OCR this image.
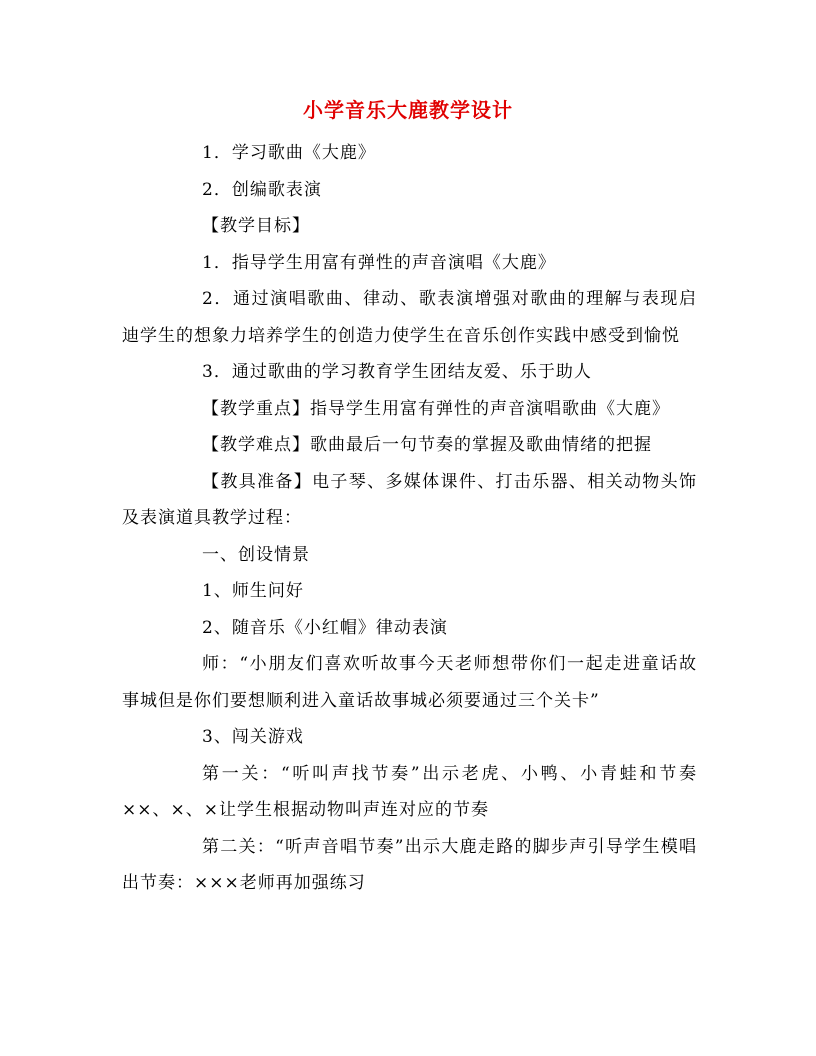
小学音乐大鹿教学设计

1．学习歌曲《大鹿》

2．创编歌表演

【教学目标】

1．指导学生用富有弹性的声音演唱《大鹿》

2．通过演唱歌曲、律动、歌表演增强对歌曲的理解与表现启迪学生的想象力培养学生的创造力使学生在音乐创作实践中感受到愉悦

3．通过歌曲的学习教育学生团结友爱、乐于助人

【教学重点】指导学生用富有弹性的声音演唱歌曲《大鹿》

【教学难点】歌曲最后一句节奏的掌握及歌曲情绪的把握

【教具准备】电子琴、多媒体课件、打击乐器、相关动物头饰及表演道具教学过程：

一、创设情景

1、师生问好

2、随音乐《小红帽》律动表演

师：“小朋友们喜欢听故事今天老师想带你们一起走进童话故事城但是你们要想顺利进入童话故事城必须要通过三个关卡”

3、闯关游戏

第一关：“听叫声找节奏”出示老虎、小鸭、小青蛙和节奏××、×、×让学生根据动物叫声连对应的节奏

第二关：“听声音唱节奏”出示大鹿走路的脚步声引导学生模唱出节奏：×××老师再加强练习
